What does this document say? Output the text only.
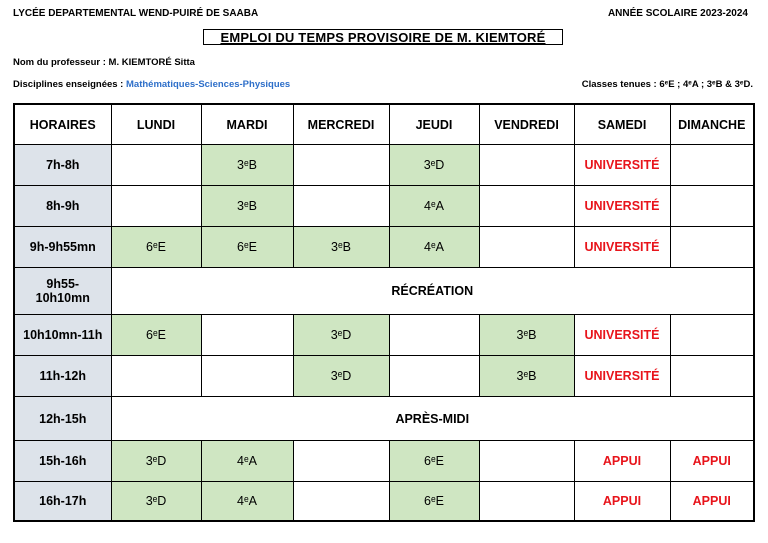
LYCÉE DEPARTEMENTAL WEND-PUIRÉ DE SAABA	ANNÉE SCOLAIRE 2023-2024
EMPLOI DU TEMPS PROVISOIRE DE M. KIEMTORÉ
Nom du professeur : M. KIEMTORÉ Sitta
Disciplines enseignées : Mathématiques-Sciences-Physiques	Classes tenues : 6ᵉE ; 4ᵉA ; 3ᵉB & 3ᵉD.
HORAIRES	LUNDI	MARDI	MERCREDI	JEUDI	VENDREDI	SAMEDI	DIMANCHE
7h-8h		3ᵉB		3ᵉD		UNIVERSITÉ	
8h-9h		3ᵉB		4ᵉA		UNIVERSITÉ	
9h-9h55mn	6ᵉE	6ᵉE	3ᵉB	4ᵉA		UNIVERSITÉ	
9h55-
10h10mn	RÉCRÉATION						
10h10mn-11h	6ᵉE		3ᵉD		3ᵉB	UNIVERSITÉ	
11h-12h			3ᵉD		3ᵉB	UNIVERSITÉ	
12h-15h	APRÈS-MIDI						
15h-16h	3ᵉD	4ᵉA		6ᵉE		APPUI	APPUI
16h-17h	3ᵉD	4ᵉA		6ᵉE		APPUI	APPUI
